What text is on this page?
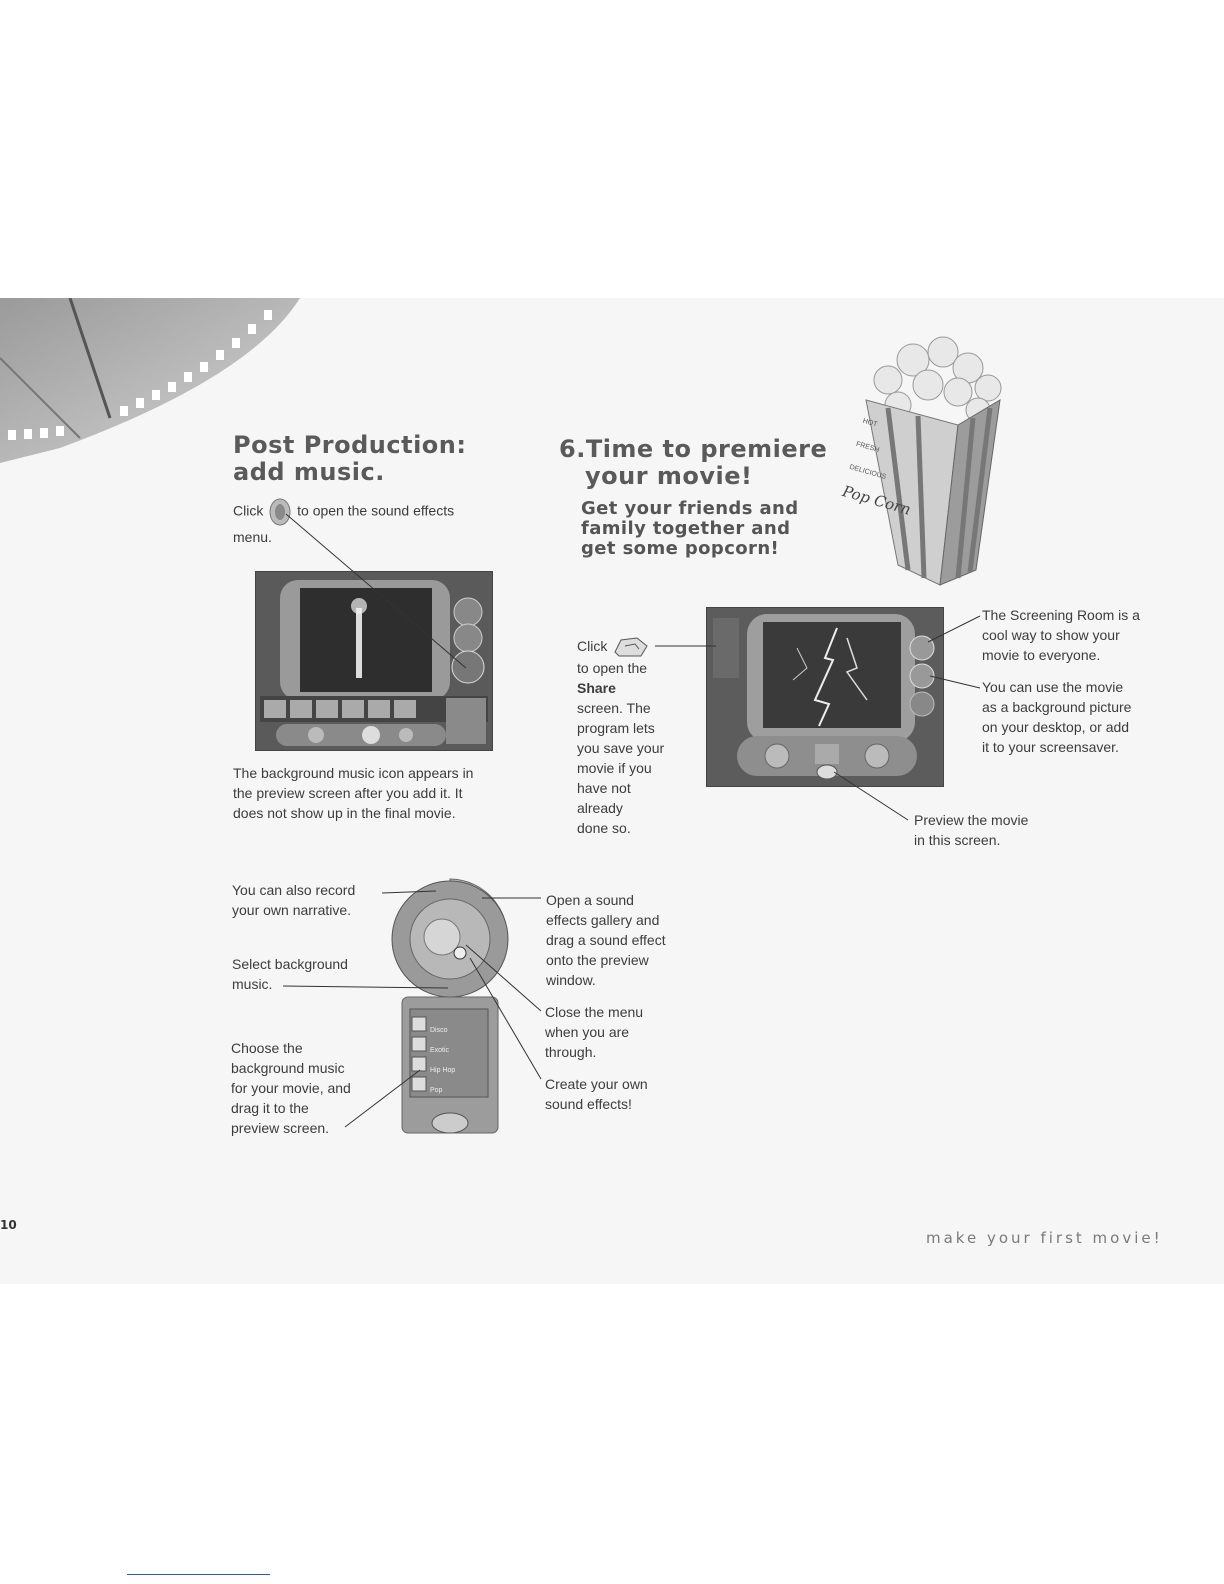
Post Production:
add music.
Click to open the sound effects
menu.
The background music icon appears in
the preview screen after you add it. It
does not show up in the final movie.
Disco
Exotic
Hip Hop
Pop
You can also record
your own narrative.
Select background
music.
Choose the
background music
for your movie, and
drag it to the
preview screen.
Open a sound
effects gallery and
drag a sound effect
onto the preview
window.
Close the menu
when you are
through.
Create your own
sound effects!
6.Time to premiere
your movie!
Get your friends and
family together and
get some popcorn!
HOT
FRESH
DELICIOUS
Pop Corn
Click
to open the
Share
screen. The
program lets
you save your
movie if you
have not
already
done so.
The Screening Room is a
cool way to show your
movie to everyone.
You can use the movie
as a background picture
on your desktop, or add
it to your screensaver.
Preview the movie
in this screen.
10
make your first movie!
